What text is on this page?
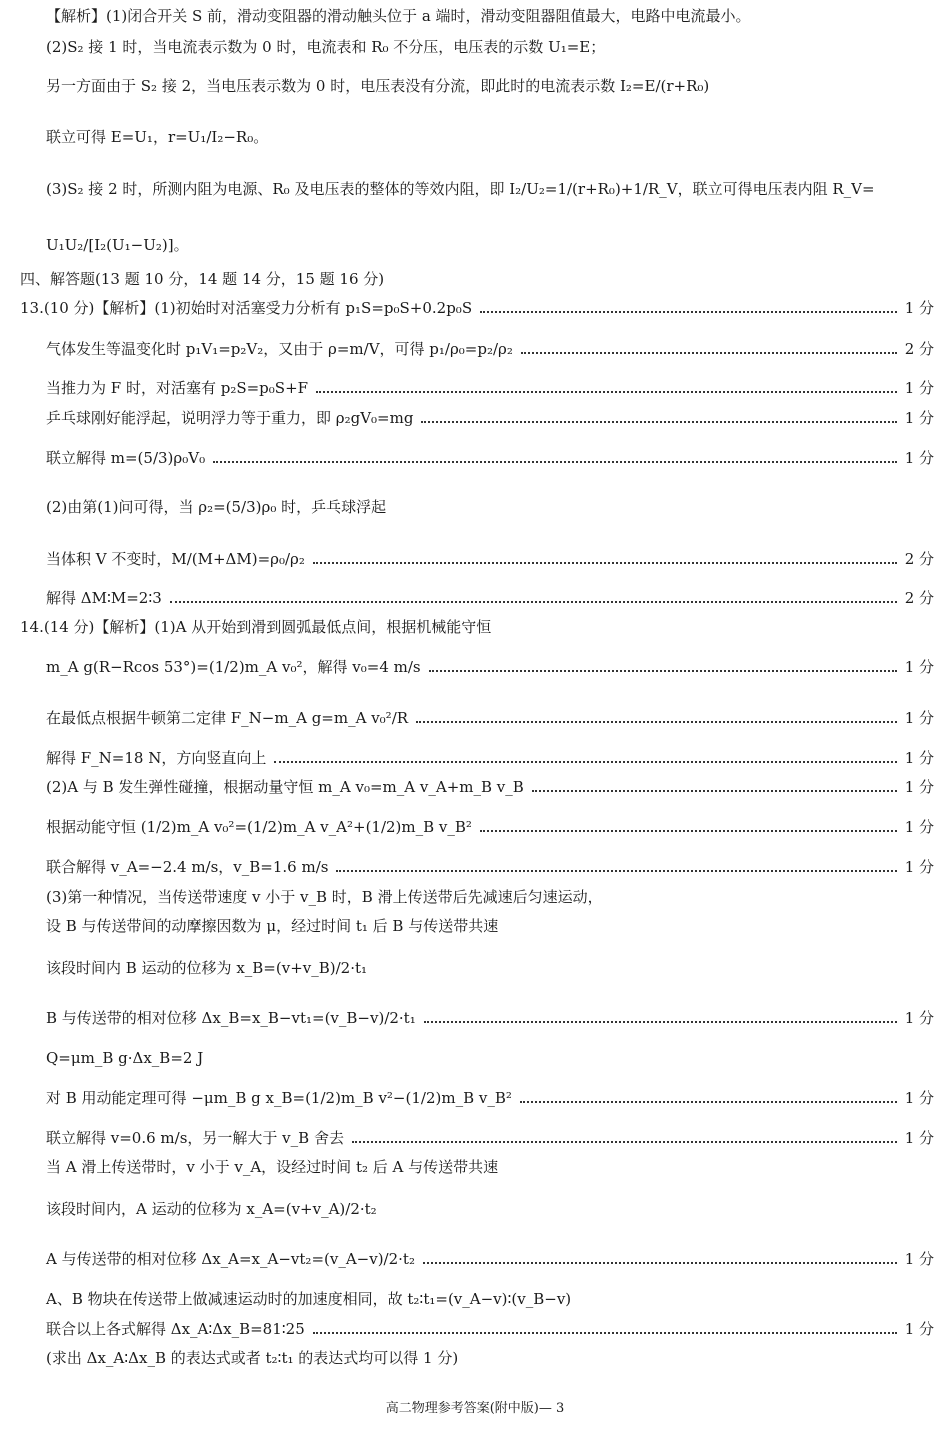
【解析】(1)闭合开关 S 前，滑动变阻器的滑动触头位于 a 端时，滑动变阻器阻值最大，电路中电流最小。
(2)S₂ 接 1 时，当电流表示数为 0 时，电流表和 R₀ 不分压，电压表的示数 U₁=E；
另一方面由于 S₂ 接 2，当电压表示数为 0 时，电压表没有分流，即此时的电流表示数 I₂=E/(r+R₀)
联立可得 E=U₁，r=U₁/I₂−R₀。
(3)S₂ 接 2 时，所测内阻为电源、R₀ 及电压表的整体的等效内阻，即 I₂/U₂=1/(r+R₀)+1/R_V，联立可得电压表内阻 R_V=
U₁U₂/[I₂(U₁−U₂)]。
四、解答题(13 题 10 分，14 题 14 分，15 题 16 分)
13.(10 分)【解析】(1)初始时对活塞受力分析有 p₁S=p₀S+0.2p₀S	1 分
气体发生等温变化时 p₁V₁=p₂V₂，又由于 ρ=m/V，可得 p₁/ρ₀=p₂/ρ₂	2 分
当推力为 F 时，对活塞有 p₂S=p₀S+F	1 分
乒乓球刚好能浮起，说明浮力等于重力，即 ρ₂gV₀=mg	1 分
联立解得 m=(5/3)ρ₀V₀	1 分
(2)由第(1)问可得，当 ρ₂=(5/3)ρ₀ 时，乒乓球浮起
当体积 V 不变时，M/(M+ΔM)=ρ₀/ρ₂	2 分
解得 ΔM∶M=2∶3	2 分
14.(14 分)【解析】(1)A 从开始到滑到圆弧最低点间，根据机械能守恒
m_A g(R−Rcos 53°)=(1/2)m_A v₀²，解得 v₀=4 m/s	1 分
在最低点根据牛顿第二定律 F_N−m_A g=m_A v₀²/R	1 分
解得 F_N=18 N，方向竖直向上	1 分
(2)A 与 B 发生弹性碰撞，根据动量守恒 m_A v₀=m_A v_A+m_B v_B	1 分
根据动能守恒 (1/2)m_A v₀²=(1/2)m_A v_A²+(1/2)m_B v_B²	1 分
联合解得 v_A=−2.4 m/s，v_B=1.6 m/s	1 分
(3)第一种情况，当传送带速度 v 小于 v_B 时，B 滑上传送带后先减速后匀速运动，
设 B 与传送带间的动摩擦因数为 μ，经过时间 t₁ 后 B 与传送带共速
该段时间内 B 运动的位移为 x_B=(v+v_B)/2·t₁
B 与传送带的相对位移 Δx_B=x_B−vt₁=(v_B−v)/2·t₁	1 分
Q=μm_B g·Δx_B=2 J
对 B 用动能定理可得 −μm_B g x_B=(1/2)m_B v²−(1/2)m_B v_B²	1 分
联立解得 v=0.6 m/s，另一解大于 v_B 舍去	1 分
当 A 滑上传送带时，v 小于 v_A，设经过时间 t₂ 后 A 与传送带共速
该段时间内，A 运动的位移为 x_A=(v+v_A)/2·t₂
A 与传送带的相对位移 Δx_A=x_A−vt₂=(v_A−v)/2·t₂	1 分
A、B 物块在传送带上做减速运动时的加速度相同，故 t₂∶t₁=(v_A−v)∶(v_B−v)
联合以上各式解得 Δx_A∶Δx_B=81∶25	1 分
(求出 Δx_A∶Δx_B 的表达式或者 t₂∶t₁ 的表达式均可以得 1 分)
高二物理参考答案(附中版)— 3
